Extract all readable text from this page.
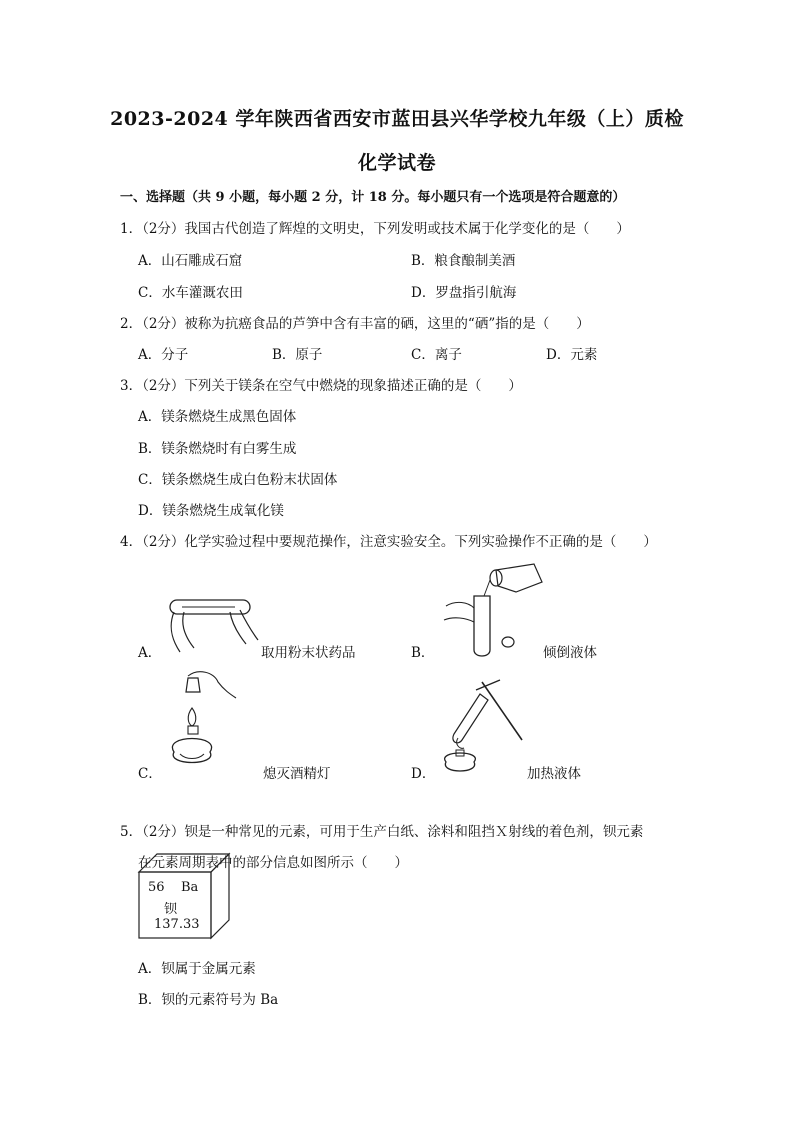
2023-2024 学年陕西省西安市蓝田县兴华学校九年级（上）质检
化学试卷
一、选择题（共 9 小题，每小题 2 分，计 18 分。每小题只有一个选项是符合题意的）
1．（2分）我国古代创造了辉煌的文明史，下列发明或技术属于化学变化的是（　　）
A．山石雕成石窟	B．粮食酿制美酒
C．水车灌溉农田	D．罗盘指引航海
2．（2分）被称为抗癌食品的芦笋中含有丰富的硒，这里的“硒”指的是（　　）
A．分子	B．原子	C．离子	D．元素
3．（2分）下列关于镁条在空气中燃烧的现象描述正确的是（　　）
A．镁条燃烧生成黑色固体
B．镁条燃烧时有白雾生成
C．镁条燃烧生成白色粉末状固体
D．镁条燃烧生成氧化镁
4．（2分）化学实验过程中要规范操作，注意实验安全。下列实验操作不正确的是（　　）
A．	取用粉末状药品	B．	倾倒液体
C．	熄灭酒精灯	D．	加热液体
5．（2分）钡是一种常见的元素，可用于生产白纸、涂料和阻挡Ｘ射线的着色剂，钡元素
在元素周期表中的部分信息如图所示（　　）
56 Ba
钡
137.33
A．钡属于金属元素
B．钡的元素符号为 Ba
